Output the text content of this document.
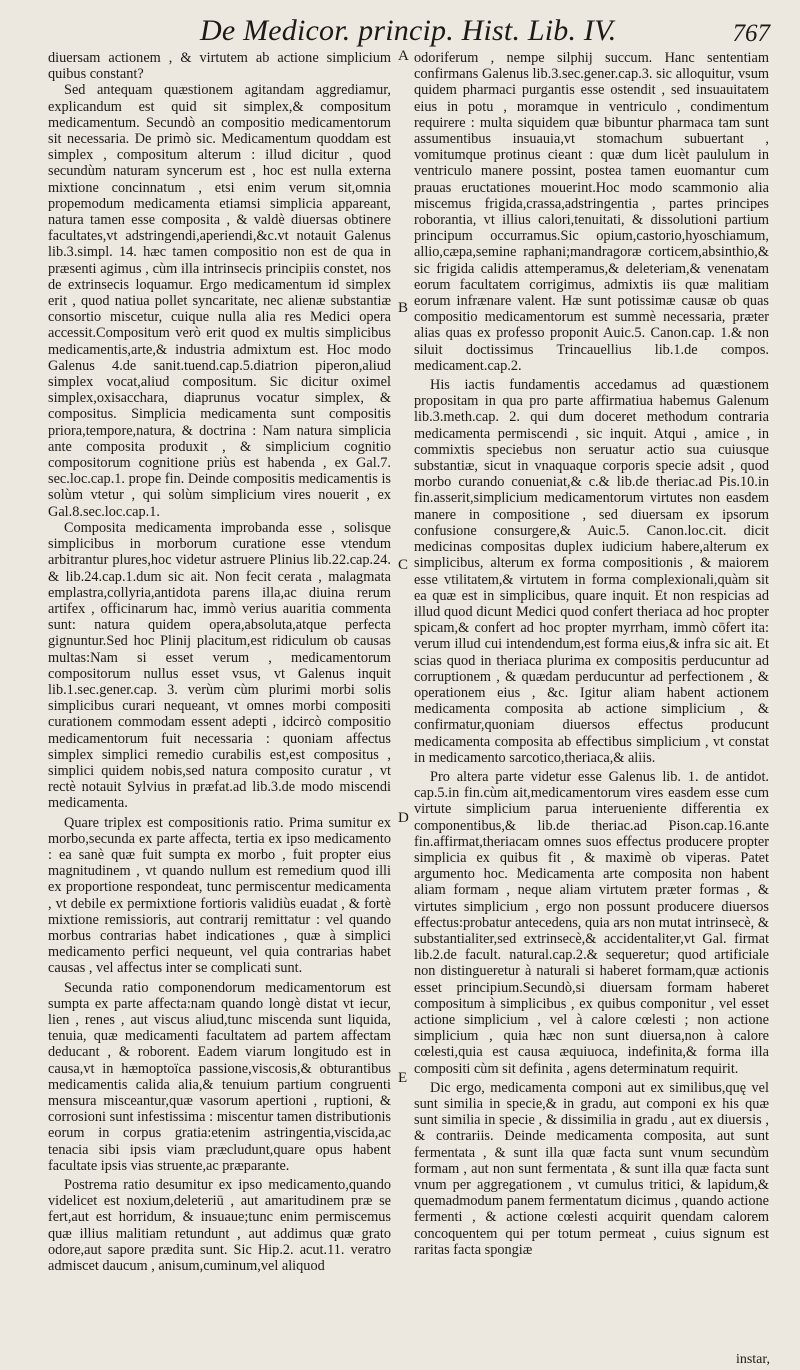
De Medicor. princip. Hist. Lib. IV.	767

diuersam actionem , & virtutem ab actione simplicium quibus constant?

Sed antequam quæstionem agitandam aggrediamur, explicandum est quid sit simplex,& compositum medicamentum. Secundò an compositio medicamentorum sit necessaria. De primò sic. Medicamentum quoddam est simplex , compositum alterum : illud dicitur , quod secundùm naturam syncerum est , hoc est nulla externa mixtione concinnatum , etsi enim verum sit,omnia propemodum medicamenta etiamsi simplicia appareant, natura tamen esse composita , & valdè diuersas obtinere facultates,vt adstringendi,aperiendi,&c.vt notauit Galenus lib.3.simpl. 14. hæc tamen compositio non est de qua in præsenti agimus , cùm illa intrinsecis principiis constet, nos de extrinsecis loquamur. Ergo medicamentum id simplex erit , quod natiua pollet syncaritate, nec alienæ substantiæ consortio miscetur, cuique nulla alia res Medici opera accessit.Compositum verò erit quod ex multis simplicibus medicamentis,arte,& industria admixtum est. Hoc modo Galenus 4.de sanit.tuend.cap.5.diatrion piperon,aliud simplex vocat,aliud compositum. Sic dicitur oximel simplex,oxisacchara, diaprunus vocatur simplex, & compositus. Simplicia medicamenta sunt compositis priora,tempore,natura, & doctrina : Nam natura simplicia ante composita produxit , & simplicium cognitio compositorum cognitione priùs est habenda , ex Gal.7. sec.loc.cap.1. prope fin. Deinde compositis medicamentis is solùm vtetur , qui solùm simplicium vires nouerit , ex Gal.8.sec.loc.cap.1.

Composita medicamenta improbanda esse , solisque simplicibus in morborum curatione esse vtendum arbitrantur plures,hoc videtur astruere Plinius lib.22.cap.24. & lib.24.cap.1.dum sic ait. Non fecit cerata , malagmata emplastra,collyria,antidota parens illa,ac diuina rerum artifex , officinarum hac, immò verius auaritia commenta sunt: natura quidem opera,absoluta,atque perfecta gignuntur.Sed hoc Plinij placitum,est ridiculum ob causas multas:Nam si esset verum , medicamentorum compositorum nullus esset vsus, vt Galenus inquit lib.1.sec.gener.cap. 3. verùm cùm plurimi morbi solis simplicibus curari nequeant, vt omnes morbi compositi curationem commodam essent adepti , idcircò compositio medicamentorum fuit necessaria : quoniam affectus simplex simplici remedio curabilis est,est compositus , simplici quidem nobis,sed natura composito curatur , vt rectè notauit Sylvius in præfat.ad lib.3.de modo miscendi medicamenta.

Quare triplex est compositionis ratio. Prima sumitur ex morbo,secunda ex parte affecta, tertia ex ipso medicamento : ea sanè quæ fuit sumpta ex morbo , fuit propter eius magnitudinem , vt quando nullum est remedium quod illi ex proportione respondeat, tunc permiscentur medicamenta , vt debile ex permixtione fortioris validiùs euadat , & fortè mixtione remissioris, aut contrarij remittatur : vel quando morbus contrarias habet indicationes , quæ à simplici medicamento perfici nequeunt, vel quia contrarias habet causas , vel affectus inter se complicati sunt.

Secunda ratio componendorum medicamentorum est sumpta ex parte affecta:nam quando longè distat vt iecur, lien , renes , aut viscus aliud,tunc miscenda sunt liquida, tenuia, quæ medicamenti facultatem ad partem affectam deducant , & roborent. Eadem viarum longitudo est in causa,vt in hæmoptoïca passione,viscosis,& obturantibus medicamentis calida alia,& tenuium partium congruenti mensura misceantur,quæ vasorum apertioni , ruptioni, & corrosioni sunt infestissima : miscentur tamen distributionis eorum in corpus gratia:etenim astringentia,viscida,ac tenacia sibi ipsis viam præcludunt,quare opus habent facultate ipsis vias struente,ac præparante.

Postrema ratio desumitur ex ipso medicamento,quando videlicet est noxium,deleteriū , aut amaritudinem præ se fert,aut est horridum, & insuaue;tunc enim permiscemus quæ illius malitiam retundunt , aut addimus quæ grato odore,aut sapore prædita sunt. Sic Hip.2. acut.11. veratro admiscet daucum , anisum,cuminum,vel aliquod

A
B
C
D
E

odoriferum , nempe silphij succum. Hanc sententiam confirmans Galenus lib.3.sec.gener.cap.3. sic alloquitur, vsum quidem pharmaci purgantis esse ostendit , sed insuauitatem eius in potu , moramque in ventriculo , condimentum requirere : multa siquidem quæ bibuntur pharmaca tam sunt assumentibus insuauia,vt stomachum subuertant , vomitumque protinus cieant : quæ dum licèt paululum in ventriculo manere possint, postea tamen euomantur cum prauas eructationes mouerint.Hoc modo scammonio alia miscemus frigida,crassa,adstringentia , partes principes roborantia, vt illius calori,tenuitati, & dissolutioni partium principum occurramus.Sic opium,castorio,hyoschiamum, allio,cæpa,semine raphani;mandragoræ corticem,absinthio,& sic frigida calidis attemperamus,& deleteriam,& venenatam eorum facultatem corrigimus, admixtis iis quæ malitiam eorum infrænare valent. Hæ sunt potissimæ causæ ob quas compositio medicamentorum est summè necessaria, præter alias quas ex professo proponit Auic.5. Canon.cap. 1.& non siluit doctissimus Trincauellius lib.1.de compos. medicament.cap.2.

His iactis fundamentis accedamus ad quæstionem propositam in qua pro parte affirmatiua habemus Galenum lib.3.meth.cap. 2. qui dum doceret methodum contraria medicamenta permiscendi , sic inquit. Atqui , amice , in commixtis speciebus non seruatur actio sua cuiusque substantiæ, sicut in vnaquaque corporis specie adsit , quod morbo curando conueniat,& c.& lib.de theriac.ad Pis.10.in fin.asserit,simplicium medicamentorum virtutes non easdem manere in compositione , sed diuersam ex ipsorum confusione consurgere,& Auic.5. Canon.loc.cit. dicit medicinas compositas duplex iudicium habere,alterum ex simplicibus, alterum ex forma compositionis , & maiorem esse vtilitatem,& virtutem in forma complexionali,quàm sit ea quæ est in simplicibus, quare inquit. Et non respicias ad illud quod dicunt Medici quod confert theriaca ad hoc propter spicam,& confert ad hoc propter myrrham, immò cōfert ita: verum illud cui intendendum,est forma eius,& infra sic ait. Et scias quod in theriaca plurima ex compositis perducuntur ad corruptionem , & quædam perducuntur ad perfectionem , & operationem eius , &c. Igitur aliam habent actionem medicamenta composita ab actione simplicium , & confirmatur,quoniam diuersos effectus producunt medicamenta composita ab effectibus simplicium , vt constat in medicamento sarcotico,theriaca,& aliis.

Pro altera parte videtur esse Galenus lib. 1. de antidot. cap.5.in fin.cùm ait,medicamentorum vires easdem esse cum virtute simplicium parua interueniente differentia ex componentibus,& lib.de theriac.ad Pison.cap.16.ante fin.affirmat,theriacam omnes suos effectus producere propter simplicia ex quibus fit , & maximè ob viperas. Patet argumento hoc. Medicamenta arte composita non habent aliam formam , neque aliam virtutem præter formas , & virtutes simplicium , ergo non possunt producere diuersos effectus:probatur antecedens, quia ars non mutat intrinsecè, & substantialiter,sed extrinsecè,& accidentaliter,vt Gal. firmat lib.2.de facult. natural.cap.2.& sequeretur; quod artificiale non distingueretur à naturali si haberet formam,quæ actionis esset principium.Secundò,si diuersam formam haberet compositum à simplicibus , ex quibus componitur , vel esset actione simplicium , vel à calore cœlesti ; non actione simplicium , quia hæc non sunt diuersa,non à calore cœlesti,quia est causa æquiuoca, indefinita,& forma illa compositi cùm sit definita , agens determinatum requirit.

Dic ergo, medicamenta componi aut ex similibus,quę vel sunt similia in specie,& in gradu, aut componi ex his quæ sunt similia in specie , & dissimilia in gradu , aut ex diuersis , & contrariis. Deinde medicamenta composita, aut sunt fermentata , & sunt illa quæ facta sunt vnum secundùm formam , aut non sunt fermentata , & sunt illa quæ facta sunt vnum per aggregationem , vt cumulus tritici, & lapidum,& quemadmodum panem fermentatum dicimus , quando actione fermenti , & actione cœlesti acquirit quendam calorem concoquentem qui per totum permeat , cuius signum est raritas facta spongiæ

instar,
